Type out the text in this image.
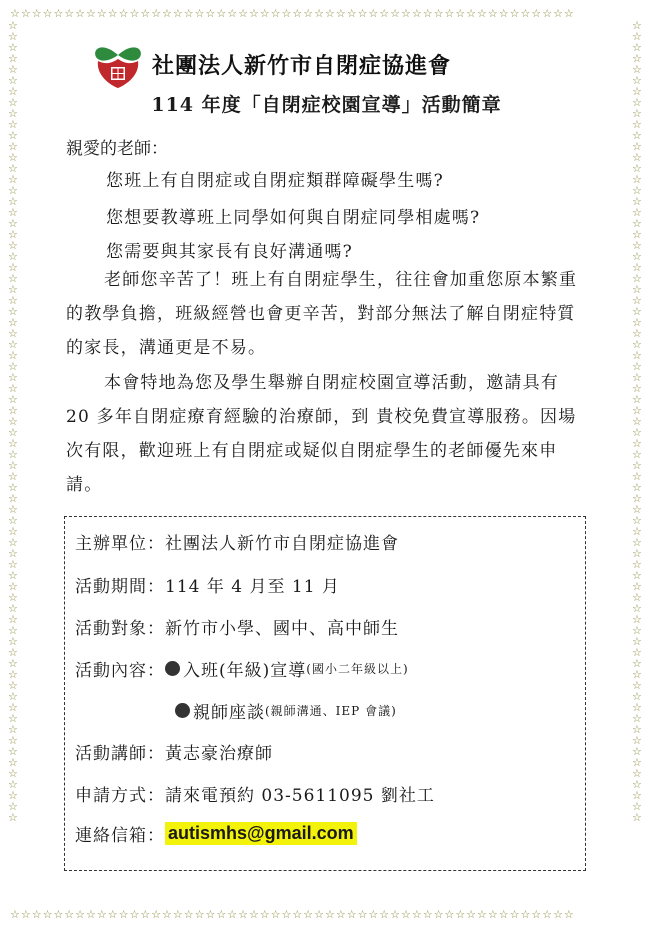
☆☆☆☆☆☆☆☆☆☆☆☆☆☆☆☆☆☆☆☆☆☆☆☆☆☆☆☆☆☆☆☆☆☆☆☆☆☆☆☆☆☆☆☆☆☆☆☆☆☆☆☆
☆☆☆☆☆☆☆☆☆☆☆☆☆☆☆☆☆☆☆☆☆☆☆☆☆☆☆☆☆☆☆☆☆☆☆☆☆☆☆☆☆☆☆☆☆☆☆☆☆☆☆☆
☆☆☆☆☆☆☆☆☆☆☆☆☆☆☆☆☆☆☆☆☆☆☆☆☆☆☆☆☆☆☆☆☆☆☆☆☆☆☆☆☆☆☆☆☆☆☆☆☆☆☆☆☆☆☆☆☆☆☆☆☆☆☆☆☆☆☆☆☆☆☆☆☆
☆☆☆☆☆☆☆☆☆☆☆☆☆☆☆☆☆☆☆☆☆☆☆☆☆☆☆☆☆☆☆☆☆☆☆☆☆☆☆☆☆☆☆☆☆☆☆☆☆☆☆☆☆☆☆☆☆☆☆☆☆☆☆☆☆☆☆☆☆☆☆☆☆
社團法人新竹市自閉症協進會
114 年度「自閉症校園宣導」活動簡章
親愛的老師：
您班上有自閉症或自閉症類群障礙學生嗎?
您想要教導班上同學如何與自閉症同學相處嗎?
您需要與其家長有良好溝通嗎?
老師您辛苦了！班上有自閉症學生，往往會加重您原本繁重的教學負擔，班級經營也會更辛苦，對部分無法了解自閉症特質的家長，溝通更是不易。
本會特地為您及學生舉辦自閉症校園宣導活動，邀請具有 20 多年自閉症療育經驗的治療師，到 貴校免費宣導服務。因場次有限，歡迎班上有自閉症或疑似自閉症學生的老師優先來申請。
主辦單位： 社團法人新竹市自閉症協進會
活動期間： 114 年 4 月至 11 月
活動對象： 新竹市小學、國中、高中師生
活動內容： 入班(年級)宣導 (國小二年級以上)
親師座談 (親師溝通、IEP 會議)
活動講師： 黃志豪治療師
申請方式： 請來電預約 03-5611095 劉社工
連絡信箱： autismhs@gmail.com
